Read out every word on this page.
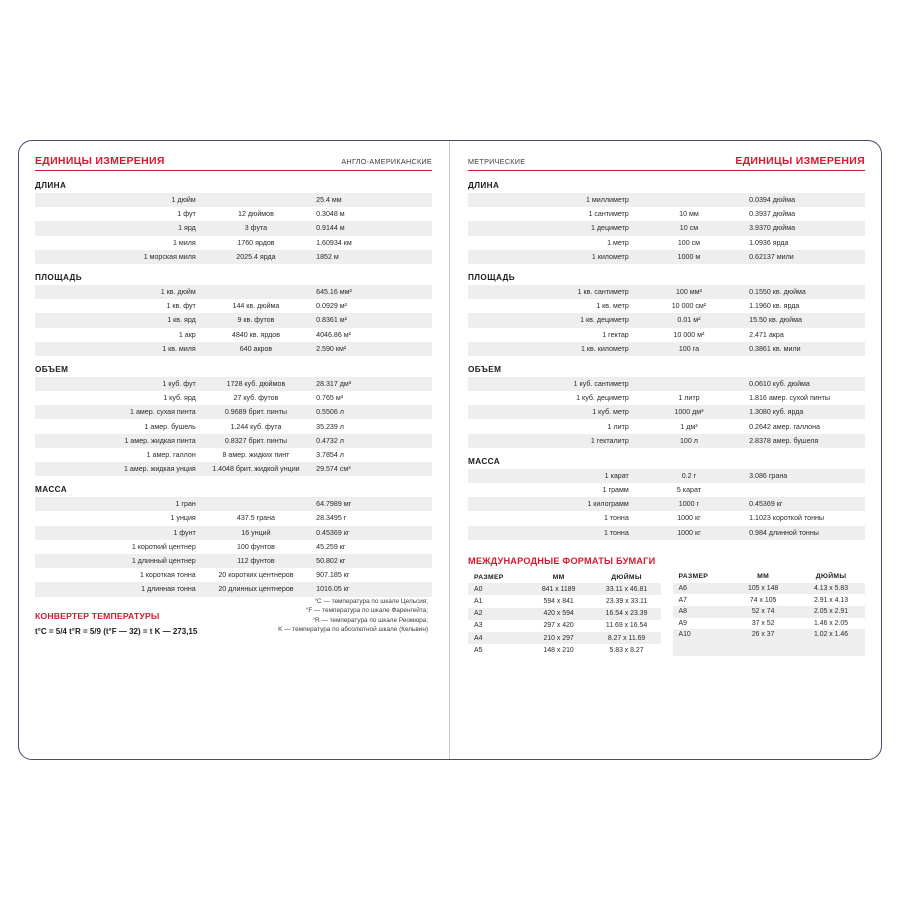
ЕДИНИЦЫ ИЗМЕРЕНИЯ	АНГЛО-АМЕРИКАНСКИЕ
ДЛИНА
1 дюйм		25.4 мм
1 фут	12 дюймов	0.3048 м
1 ярд	3 фута	0.9144 м
1 миля	1760 ярдов	1.60934 км
1 морская миля	2025.4 ярда	1852 м
ПЛОЩАДЬ
1 кв. дюйм		645.16 мм²
1 кв. фут	144 кв. дюйма	0.0929 м²
1 кв. ярд	9 кв. футов	0.8361 м²
1 акр	4840 кв. ярдов	4046.86 м²
1 кв. миля	640 акров	2.590 км²
ОБЪЕМ
1 куб. фут	1728 куб. дюймов	28.317 дм³
1 куб. ярд	27 куб. футов	0.765 м³
1 амер. сухая пинта	0.9689 брит. пинты	0.5506 л
1 амер. бушель	1.244 куб. фута	35.239 л
1 амер. жидкая пинта	0.8327 брит. пинты	0.4732 л
1 амер. галлон	8 амер. жидких пинт	3.7854 л
1 амер. жидкая унция	1.4048 брит. жидкой унции	29.574 см³
МАССА
1 гран		64.7989 мг
1 унция	437.5 грана	28.3495 г
1 фунт	16 унций	0.45369 кг
1 короткий центнер	100 фунтов	45.259 кг
1 длинный центнер	112 фунтов	50.802 кг
1 короткая тонна	20 коротких центнеров	907.185 кг
1 длинная тонна	20 длинных центнеров	1016.05 кг
КОНВЕРТЕР ТЕМПЕРАТУРЫ
t°C = 5/4 t°R = 5/9 (t°F — 32) = t K — 273,15
°С — температура по шкале Цельсия;
°F — температура по шкале Фаренгейта;
°R — температура по шкале Реомюра;
K — температура по абсолютной шкале (Кельвин)
МЕТРИЧЕСКИЕ	ЕДИНИЦЫ ИЗМЕРЕНИЯ
ДЛИНА
1 миллиметр		0.0394 дюйма
1 сантиметр	10 мм	0.3937 дюйма
1 дециметр	10 см	3.9370 дюйма
1 метр	100 см	1.0936 ярда
1 километр	1000 м	0.62137 мили
ПЛОЩАДЬ
1 кв. сантиметр	100 мм²	0.1550 кв. дюйма
1 кв. метр	10 000 см²	1.1960 кв. ярда
1 кв. дециметр	0.01 м²	15.50 кв. дюйма
1 гектар	10 000 м²	2.471 акра
1 кв. километр	100 га	0.3861 кв. мили
ОБЪЕМ
1 куб. сантиметр		0.0610 куб. дюйма
1 куб. дециметр	1 литр	1.816 амер. сухой пинты
1 куб. метр	1000 дм³	1.3080 куб. ярда
1 литр	1 дм³	0.2642 амер. галлона
1 гекталитр	100 л	2.8378 амер. бушеля
МАССА
1 карат	0.2 г	3.086 грана
1 грамм	5 карат	
1 килограмм	1000 г	0.45369 кг
1 тонна	1000 кг	1.1023 короткой тонны
1 тонна	1000 кг	0.984 длинной тонны
МЕЖДУНАРОДНЫЕ ФОРМАТЫ БУМАГИ
РАЗМЕР	ММ	ДЮЙМЫ
A0	841 x 1189	33.11 x 46.81
A1	594 x 841	23.39 x 33.11
A2	420 x 594	16.54 x 23.39
A3	297 x 420	11.69 x 16.54
A4	210 x 297	8.27 x 11.69
A5	148 x 210	5.83 x 8.27
РАЗМЕР	ММ	ДЮЙМЫ
A6	105 x 148	4.13 x 5.83
A7	74 x 105	2.91 x 4.13
A8	52 x 74	2.05 x 2.91
A9	37 x 52	1.46 x 2.05
A10	26 x 37	1.02 x 1.46
